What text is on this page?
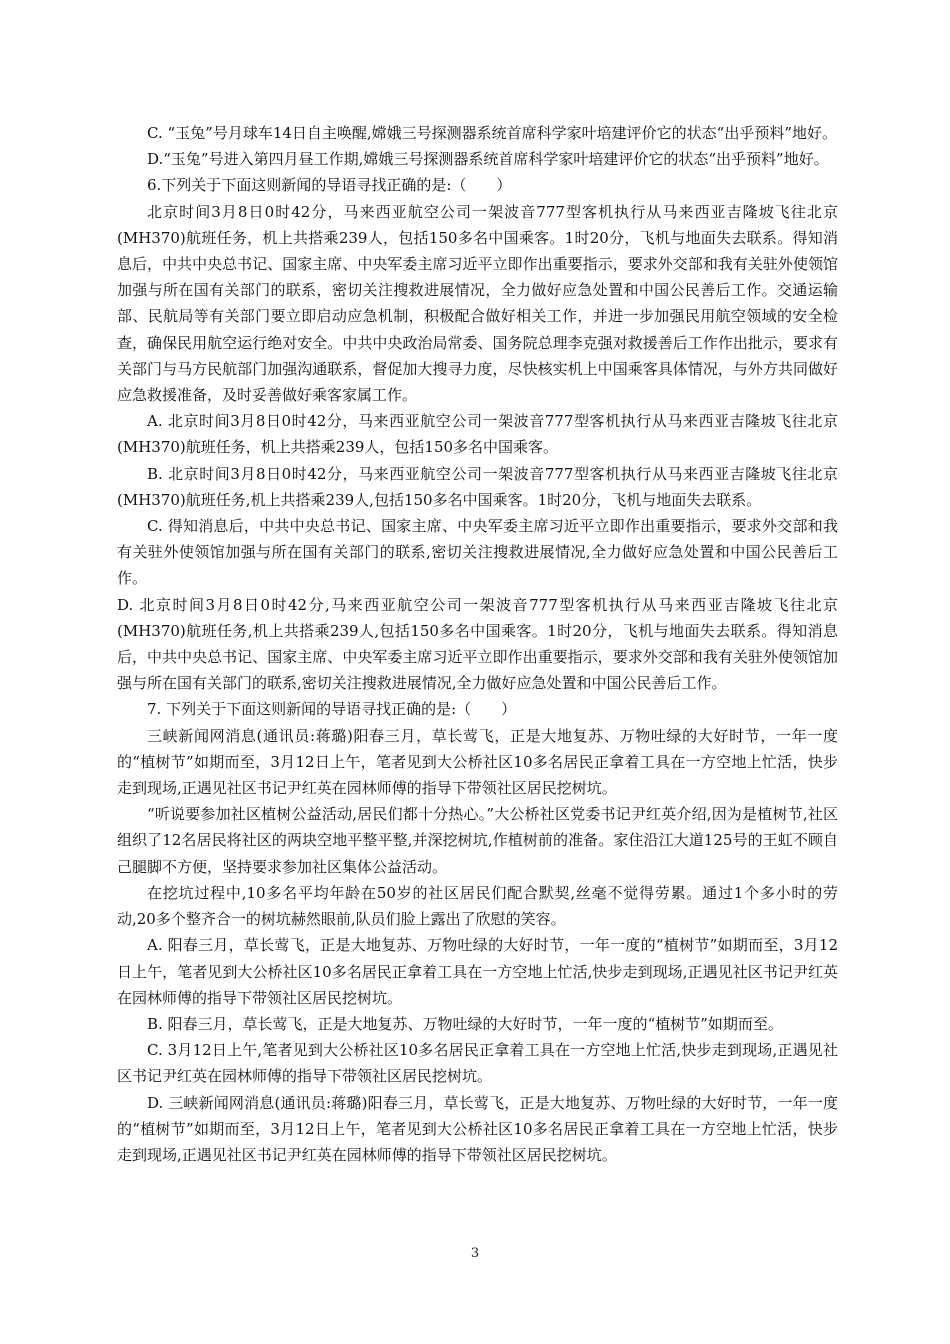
C. “玉兔”号月球车14日自主唤醒,嫦娥三号探测器系统首席科学家叶培建评价它的状态“出乎预料”地好。

D.“玉兔”号进入第四月昼工作期,嫦娥三号探测器系统首席科学家叶培建评价它的状态“出乎预料”地好。

6.下列关于下面这则新闻的导语寻找正确的是:（　　）

北京时间3月8日0时42分，马来西亚航空公司一架波音777型客机执行从马来西亚吉隆坡飞往北京(MH370)航班任务，机上共搭乘239人，包括150多名中国乘客。1时20分，飞机与地面失去联系。得知消息后，中共中央总书记、国家主席、中央军委主席习近平立即作出重要指示，要求外交部和我有关驻外使领馆加强与所在国有关部门的联系，密切关注搜救进展情况，全力做好应急处置和中国公民善后工作。交通运输部、民航局等有关部门要立即启动应急机制，积极配合做好相关工作，并进一步加强民用航空领域的安全检查，确保民用航空运行绝对安全。中共中央政治局常委、国务院总理李克强对救援善后工作作出批示，要求有关部门与马方民航部门加强沟通联系，督促加大搜寻力度，尽快核实机上中国乘客具体情况，与外方共同做好应急救援准备，及时妥善做好乘客家属工作。

A. 北京时间3月8日0时42分，马来西亚航空公司一架波音777型客机执行从马来西亚吉隆坡飞往北京(MH370)航班任务，机上共搭乘239人，包括150多名中国乘客。

B. 北京时间3月8日0时42分，马来西亚航空公司一架波音777型客机执行从马来西亚吉隆坡飞往北京(MH370)航班任务,机上共搭乘239人,包括150多名中国乘客。1时20分，飞机与地面失去联系。

C. 得知消息后，中共中央总书记、国家主席、中央军委主席习近平立即作出重要指示，要求外交部和我有关驻外使领馆加强与所在国有关部门的联系,密切关注搜救进展情况,全力做好应急处置和中国公民善后工作。

D. 北京时间3月8日0时42分,马来西亚航空公司一架波音777型客机执行从马来西亚吉隆坡飞往北京(MH370)航班任务,机上共搭乘239人,包括150多名中国乘客。1时20分，飞机与地面失去联系。得知消息后，中共中央总书记、国家主席、中央军委主席习近平立即作出重要指示，要求外交部和我有关驻外使领馆加强与所在国有关部门的联系,密切关注搜救进展情况,全力做好应急处置和中国公民善后工作。

7. 下列关于下面这则新闻的导语寻找正确的是:（　　）

三峡新闻网消息(通讯员:蒋璐)阳春三月，草长莺飞，正是大地复苏、万物吐绿的大好时节，一年一度的“植树节”如期而至，3月12日上午，笔者见到大公桥社区10多名居民正拿着工具在一方空地上忙活，快步走到现场,正遇见社区书记尹红英在园林师傅的指导下带领社区居民挖树坑。

“听说要参加社区植树公益活动,居民们都十分热心。”大公桥社区党委书记尹红英介绍,因为是植树节,社区组织了12名居民将社区的两块空地平整平整,并深挖树坑,作植树前的准备。家住沿江大道125号的王虹不顾自己腿脚不方便，坚持要求参加社区集体公益活动。

在挖坑过程中,10多名平均年龄在50岁的社区居民们配合默契,丝毫不觉得劳累。通过1个多小时的劳动,20多个整齐合一的树坑赫然眼前,队员们脸上露出了欣慰的笑容。

A. 阳春三月，草长莺飞，正是大地复苏、万物吐绿的大好时节，一年一度的“植树节”如期而至，3月12日上午，笔者见到大公桥社区10多名居民正拿着工具在一方空地上忙活,快步走到现场,正遇见社区书记尹红英在园林师傅的指导下带领社区居民挖树坑。

B. 阳春三月，草长莺飞，正是大地复苏、万物吐绿的大好时节，一年一度的“植树节”如期而至。

C. 3月12日上午,笔者见到大公桥社区10多名居民正拿着工具在一方空地上忙活,快步走到现场,正遇见社区书记尹红英在园林师傅的指导下带领社区居民挖树坑。

D. 三峡新闻网消息(通讯员:蒋璐)阳春三月，草长莺飞，正是大地复苏、万物吐绿的大好时节，一年一度的“植树节”如期而至，3月12日上午，笔者见到大公桥社区10多名居民正拿着工具在一方空地上忙活，快步走到现场,正遇见社区书记尹红英在园林师傅的指导下带领社区居民挖树坑。

3
